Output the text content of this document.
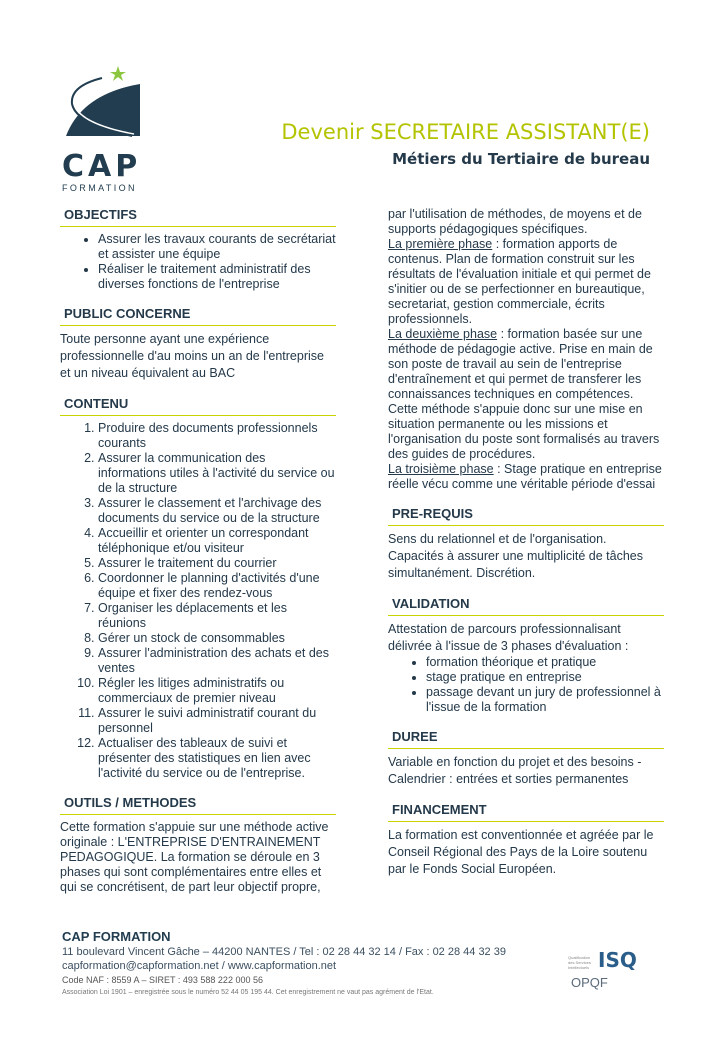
CAP
FORMATION
Devenir SECRETAIRE ASSISTANT(E)
Métiers du Tertiaire de bureau
OBJECTIFS
• Assurer les travaux courants de secrétariat et assister une équipe
• Réaliser le traitement administratif des diverses fonctions de l'entreprise
PUBLIC CONCERNE
Toute personne ayant une expérience professionnelle d'au moins un an de l'entreprise et un niveau équivalent au BAC
CONTENU
1. Produire des documents professionnels courants
2. Assurer la communication des informations utiles à l'activité du service ou de la structure
3. Assurer le classement et l'archivage des documents du service ou de la structure
4. Accueillir et orienter un correspondant téléphonique et/ou visiteur
5. Assurer le traitement du courrier
6. Coordonner le planning d'activités d'une équipe et fixer des rendez-vous
7. Organiser les déplacements et les réunions
8. Gérer un stock de consommables
9. Assurer l'administration des achats et des ventes
10. Régler les litiges administratifs ou commerciaux de premier niveau
11. Assurer le suivi administratif courant du personnel
12. Actualiser des tableaux de suivi et présenter des statistiques en lien avec l'activité du service ou de l'entreprise.
OUTILS / METHODES
Cette formation s'appuie sur une méthode active originale : L'ENTREPRISE D'ENTRAINEMENT PEDAGOGIQUE. La formation se déroule en 3 phases qui sont complémentaires entre elles et qui se concrétisent, de part leur objectif propre,
par l'utilisation de méthodes, de moyens et de supports pédagogiques spécifiques.
La première phase : formation apports de contenus. Plan de formation construit sur les résultats de l'évaluation initiale et qui permet de s'initier ou de se perfectionner en bureautique, secretariat, gestion commerciale, écrits professionnels.
La deuxième phase : formation basée sur une méthode de pédagogie active. Prise en main de son poste de travail au sein de l'entreprise d'entraînement et qui permet de transferer les connaissances techniques en compétences. Cette méthode s'appuie donc sur une mise en situation permanente ou les missions et l'organisation du poste sont formalisés au travers des guides de procédures.
La troisième phase : Stage pratique en entreprise réelle vécu comme une véritable période d'essai
PRE-REQUIS
Sens du relationnel et de l'organisation. Capacités à assurer une multiplicité de tâches simultanément. Discrétion.
VALIDATION
Attestation de parcours professionnalisant délivrée à l'issue de 3 phases d'évaluation :
• formation théorique et pratique
• stage pratique en entreprise
• passage devant un jury de professionnel à l'issue de la formation
DUREE
Variable en fonction du projet et des besoins - Calendrier : entrées et sorties permanentes
FINANCEMENT
La formation est conventionnée et agréée par le Conseil Régional des Pays de la Loire soutenu par le Fonds Social Européen.
CAP FORMATION
11 boulevard Vincent Gâche – 44200 NANTES / Tel : 02 28 44 32 14 / Fax : 02 28 44 32 39
capformation@capformation.net / www.capformation.net
Code NAF : 8559 A – SIRET : 493 588 222 000 56
Association Loi 1901 – enregistrée sous le numéro 52 44 05 195 44. Cet enregistrement ne vaut pas agrément de l'Etat.
Qualification des Services Intellectuels ISQ
OPQF
